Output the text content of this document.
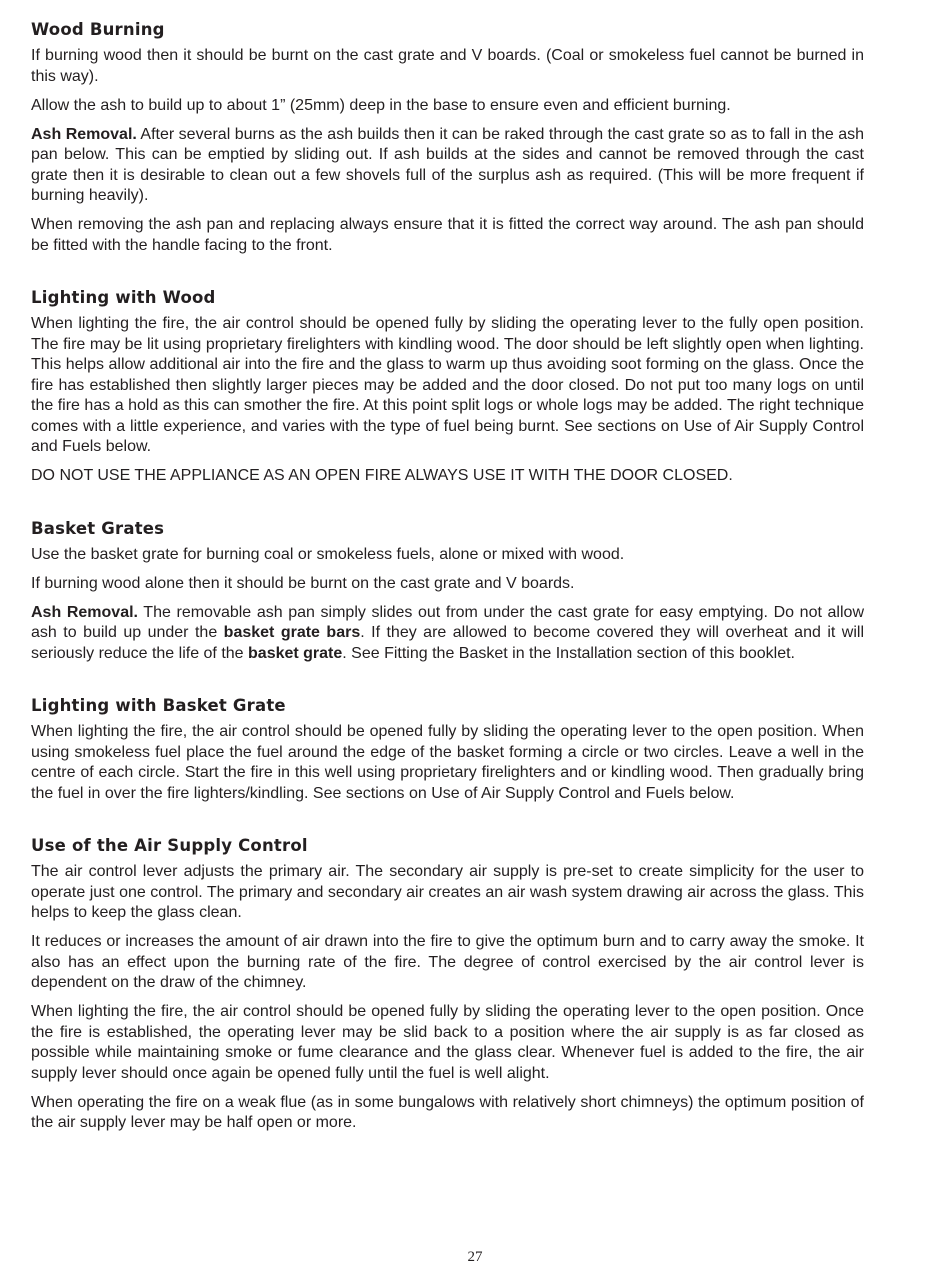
Wood Burning

If burning wood then it should be burnt on the cast grate and V boards. (Coal or smokeless fuel cannot be burned in this way).

Allow the ash to build up to about 1” (25mm) deep in the base to ensure even and efficient burning.

Ash Removal. After several burns as the ash builds then it can be raked through the cast grate so as to fall in the ash pan below. This can be emptied by sliding out. If ash builds at the sides and cannot be removed through the cast grate then it is desirable to clean out a few shovels full of the surplus ash as required. (This will be more frequent if burning heavily).

When removing the ash pan and replacing always ensure that it is fitted the correct way around. The ash pan should be fitted with the handle facing to the front.

Lighting with Wood

When lighting the fire, the air control should be opened fully by sliding the operating lever to the fully open position. The fire may be lit using proprietary firelighters with kindling wood. The door should be left slightly open when lighting. This helps allow additional air into the fire and the glass to warm up thus avoiding soot forming on the glass. Once the fire has established then slightly larger pieces may be added and the door closed. Do not put too many logs on until the fire has a hold as this can smother the fire. At this point split logs or whole logs may be added. The right technique comes with a little experience, and varies with the type of fuel being burnt. See sections on Use of Air Supply Control and Fuels below.

DO NOT USE THE APPLIANCE AS AN OPEN FIRE ALWAYS USE IT WITH THE DOOR CLOSED.

Basket Grates

Use the basket grate for burning coal or smokeless fuels, alone or mixed with wood.

If burning wood alone then it should be burnt on the cast grate and V boards.

Ash Removal. The removable ash pan simply slides out from under the cast grate for easy emptying. Do not allow ash to build up under the basket grate bars. If they are allowed to become covered they will overheat and it will seriously reduce the life of the basket grate. See Fitting the Basket in the Installation section of this booklet.

Lighting with Basket Grate

When lighting the fire, the air control should be opened fully by sliding the operating lever to the open position. When using smokeless fuel place the fuel around the edge of the basket forming a circle or two circles. Leave a well in the centre of each circle. Start the fire in this well using proprietary firelighters and or kindling wood. Then gradually bring the fuel in over the fire lighters/kindling. See sections on Use of Air Supply Control and Fuels below.

Use of the Air Supply Control

The air control lever adjusts the primary air. The secondary air supply is pre-set to create simplicity for the user to operate just one control. The primary and secondary air creates an air wash system drawing air across the glass. This helps to keep the glass clean.

It reduces or increases the amount of air drawn into the fire to give the optimum burn and to carry away the smoke. It also has an effect upon the burning rate of the fire. The degree of control exercised by the air control lever is dependent on the draw of the chimney.

When lighting the fire, the air control should be opened fully by sliding the operating lever to the open position. Once the fire is established, the operating lever may be slid back to a position where the air supply is as far closed as possible while maintaining smoke or fume clearance and the glass clear. Whenever fuel is added to the fire, the air supply lever should once again be opened fully until the fuel is well alight.

When operating the fire on a weak flue (as in some bungalows with relatively short chimneys) the optimum position of the air supply lever may be half open or more.

27
